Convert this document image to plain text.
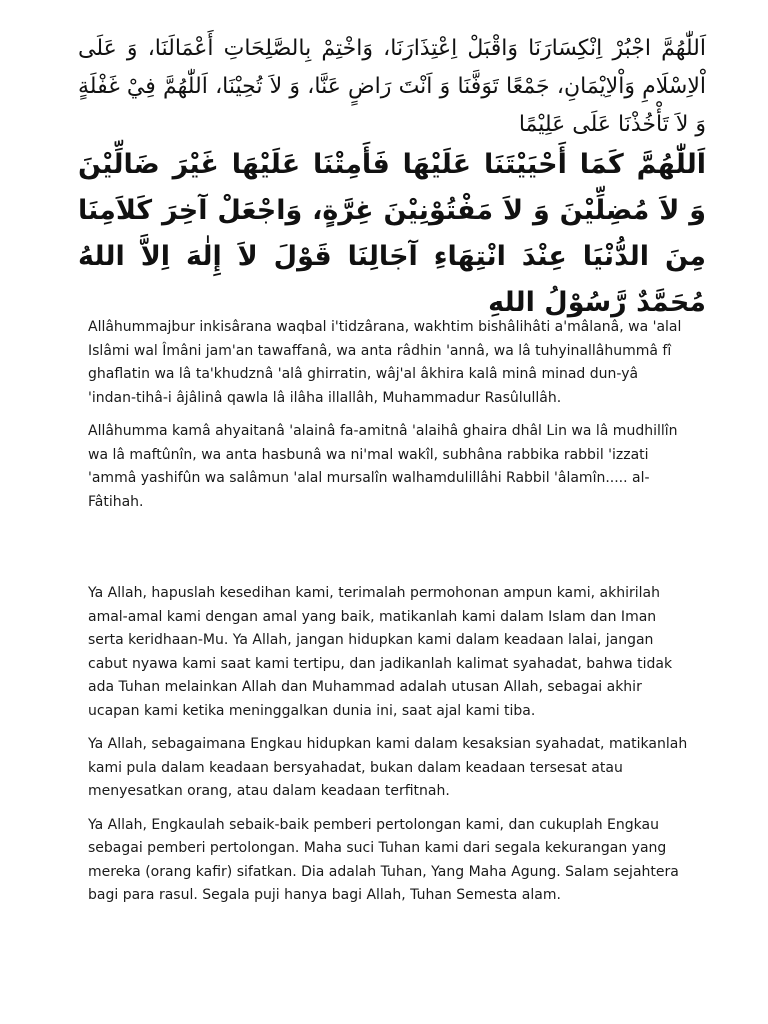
اَللّٰهُمَّ اجْبُرْ اِنْكِسَارَنَا وَاقْبَلْ اِعْتِذَارَنَا، وَاخْتِمْ بِالصَّلِحَاتِ أَعْمَالَنَا، وَ عَلَى اْلاِسْلَامِ وَاْلاِيْمَانِ، جَمْعًا تَوَفَّنَا وَ اَنْتَ رَاضٍ عَنَّا، وَ لاَ تُحِيْنَا، اَللّٰهُمَّ فِيْ غَفْلَةٍ وَ لاَ تَأْخُذْنَا عَلَى عَلِيْمًا
اَللّٰهُمَّ كَمَا أَحْيَيْتَنَا عَلَيْهَا فَأَمِتْنَا عَلَيْهَا غَيْرَ ضَالِّيْنَ وَ لاَ مُضِلِّيْنَ وَ لاَ مَفْتُوْنِيْنَ غِرَّةٍ، وَاجْعَلْ آخِرَ كَلاَمِنَا مِنَ الدُّنْيَا عِنْدَ انْتِهَاءِ آجَالِنَا قَوْلَ لاَ إِلٰهَ اِلاَّ اللهُ مُحَمَّدٌ رَّسُوْلُ اللهِ

Allâhummajbur inkisârana waqbal i'tidzârana, wakhtim bishâlihâti a'mâlanâ, wa 'alal Islâmi wal Îmâni jam'an tawaffanâ, wa anta râdhin 'annâ, wa lâ tuhyinallâhummâ fî ghaflatin wa lâ ta'khudznâ 'alâ ghirratin, wâj'al âkhira kalâ minâ minad dun-yâ 'indan-tihâ-i âjâlinâ qawla lâ ilâha illallâh, Muhammadur Rasûlullâh.

Allâhumma kamâ ahyaitanâ 'alainâ fa-amitnâ 'alaihâ ghaira dhâl Lin wa lâ mudhillîn wa lâ maftûnîn, wa anta hasbunâ wa ni'mal wakîl, subhâna rabbika rabbil 'izzati 'ammâ yashifûn wa salâmun 'alal mursalîn walhamdulillâhi Rabbil 'âlamîn..... al-Fâtihah.

Ya Allah, hapuslah kesedihan kami, terimalah permohonan ampun kami, akhirilah amal-amal kami dengan amal yang baik, matikanlah kami dalam Islam dan Iman serta keridhaan-Mu. Ya Allah, jangan hidupkan kami dalam keadaan lalai, jangan cabut nyawa kami saat kami tertipu, dan jadikanlah kalimat syahadat, bahwa tidak ada Tuhan melainkan Allah dan Muhammad adalah utusan Allah, sebagai akhir ucapan kami ketika meninggalkan dunia ini, saat ajal kami tiba.

Ya Allah, sebagaimana Engkau hidupkan kami dalam kesaksian syahadat, matikanlah kami pula dalam keadaan bersyahadat, bukan dalam keadaan tersesat atau menyesatkan orang, atau dalam keadaan terfitnah.

Ya Allah, Engkaulah sebaik-baik pemberi pertolongan kami, dan cukuplah Engkau sebagai pemberi pertolongan. Maha suci Tuhan kami dari segala kekurangan yang mereka (orang kafir) sifatkan. Dia adalah Tuhan, Yang Maha Agung. Salam sejahtera bagi para rasul. Segala puji hanya bagi Allah, Tuhan Semesta alam.
